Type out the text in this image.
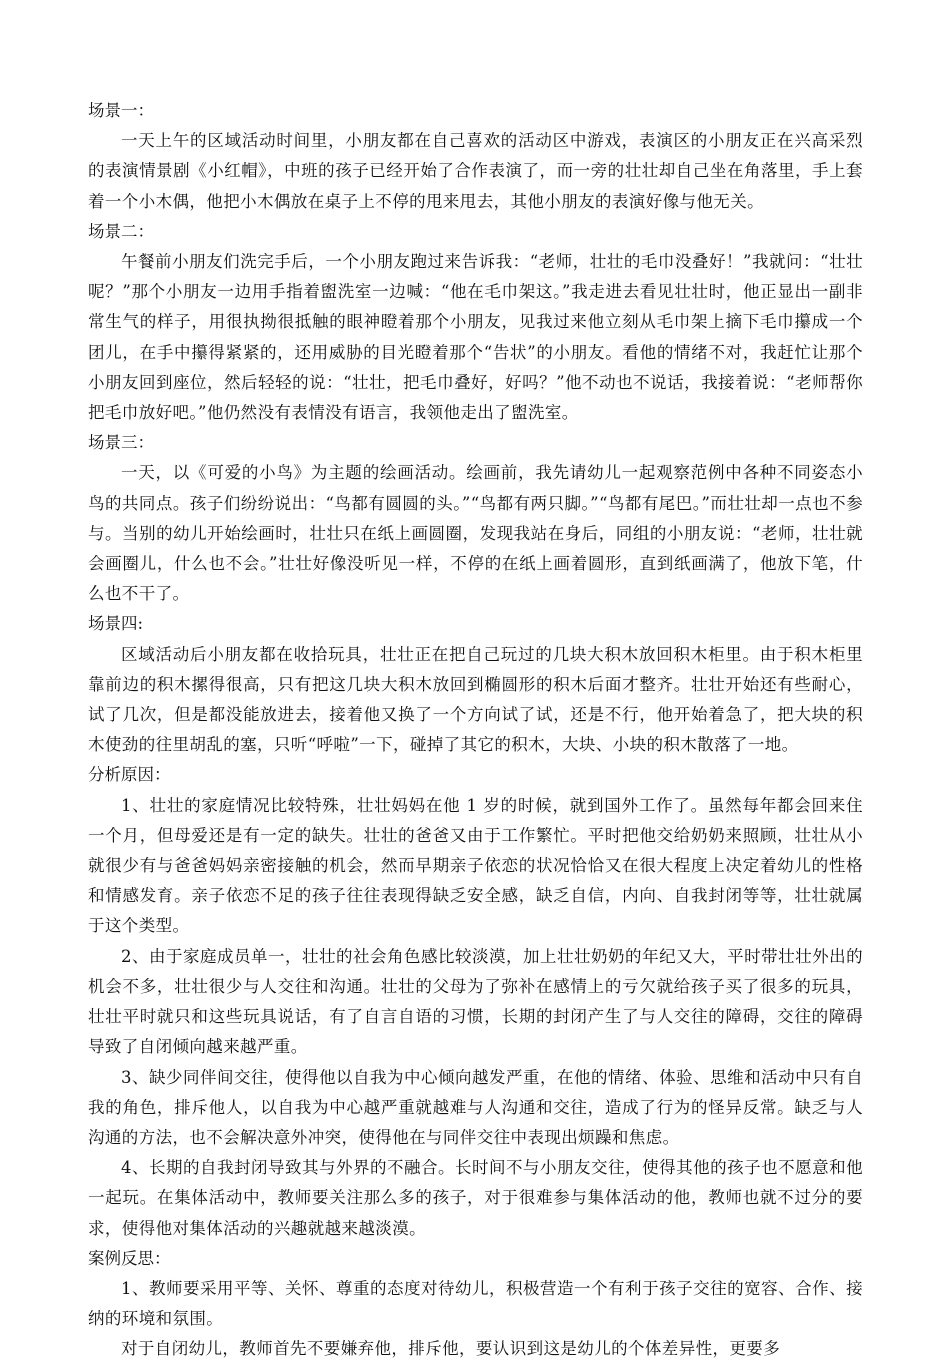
场景一：

一天上午的区域活动时间里，小朋友都在自己喜欢的活动区中游戏，表演区的小朋友正在兴高采烈的表演情景剧《小红帽》，中班的孩子已经开始了合作表演了，而一旁的壮壮却自己坐在角落里，手上套着一个小木偶，他把小木偶放在桌子上不停的甩来甩去，其他小朋友的表演好像与他无关。

场景二：

午餐前小朋友们洗完手后，一个小朋友跑过来告诉我：“老师，壮壮的毛巾没叠好！”我就问：“壮壮呢？”那个小朋友一边用手指着盥洗室一边喊：“他在毛巾架这。”我走进去看见壮壮时，他正显出一副非常生气的样子，用很执拗很抵触的眼神瞪着那个小朋友，见我过来他立刻从毛巾架上摘下毛巾攥成一个团儿，在手中攥得紧紧的，还用威胁的目光瞪着那个“告状”的小朋友。看他的情绪不对，我赶忙让那个小朋友回到座位，然后轻轻的说：“壮壮，把毛巾叠好，好吗？”他不动也不说话，我接着说：“老师帮你把毛巾放好吧。”他仍然没有表情没有语言，我领他走出了盥洗室。

场景三：

一天，以《可爱的小鸟》为主题的绘画活动。绘画前，我先请幼儿一起观察范例中各种不同姿态小鸟的共同点。孩子们纷纷说出：“鸟都有圆圆的头。”“鸟都有两只脚。”“鸟都有尾巴。”而壮壮却一点也不参与。当别的幼儿开始绘画时，壮壮只在纸上画圆圈，发现我站在身后，同组的小朋友说：“老师，壮壮就会画圈儿，什么也不会。”壮壮好像没听见一样，不停的在纸上画着圆形，直到纸画满了，他放下笔，什么也不干了。

场景四:

区域活动后小朋友都在收拾玩具，壮壮正在把自己玩过的几块大积木放回积木柜里。由于积木柜里靠前边的积木摞得很高，只有把这几块大积木放回到椭圆形的积木后面才整齐。壮壮开始还有些耐心，试了几次，但是都没能放进去，接着他又换了一个方向试了试，还是不行，他开始着急了，把大块的积木使劲的往里胡乱的塞，只听“呼啦”一下，碰掉了其它的积木，大块、小块的积木散落了一地。

分析原因：

1、壮壮的家庭情况比较特殊，壮壮妈妈在他 1 岁的时候，就到国外工作了。虽然每年都会回来住一个月，但母爱还是有一定的缺失。壮壮的爸爸又由于工作繁忙。平时把他交给奶奶来照顾，壮壮从小就很少有与爸爸妈妈亲密接触的机会，然而早期亲子依恋的状况恰恰又在很大程度上决定着幼儿的性格和情感发育。亲子依恋不足的孩子往往表现得缺乏安全感，缺乏自信，内向、自我封闭等等，壮壮就属于这个类型。

2、由于家庭成员单一，壮壮的社会角色感比较淡漠，加上壮壮奶奶的年纪又大，平时带壮壮外出的机会不多，壮壮很少与人交往和沟通。壮壮的父母为了弥补在感情上的亏欠就给孩子买了很多的玩具，壮壮平时就只和这些玩具说话，有了自言自语的习惯，长期的封闭产生了与人交往的障碍，交往的障碍导致了自闭倾向越来越严重。

3、缺少同伴间交往，使得他以自我为中心倾向越发严重，在他的情绪、体验、思维和活动中只有自我的角色，排斥他人，以自我为中心越严重就越难与人沟通和交往，造成了行为的怪异反常。缺乏与人沟通的方法，也不会解决意外冲突，使得他在与同伴交往中表现出烦躁和焦虑。

4、长期的自我封闭导致其与外界的不融合。长时间不与小朋友交往，使得其他的孩子也不愿意和他一起玩。在集体活动中，教师要关注那么多的孩子，对于很难参与集体活动的他，教师也就不过分的要求，使得他对集体活动的兴趣就越来越淡漠。

案例反思：

1、教师要采用平等、关怀、尊重的态度对待幼儿，积极营造一个有利于孩子交往的宽容、合作、接纳的环境和氛围。

对于自闭幼儿，教师首先不要嫌弃他，排斥他，要认识到这是幼儿的个体差异性，更要多
